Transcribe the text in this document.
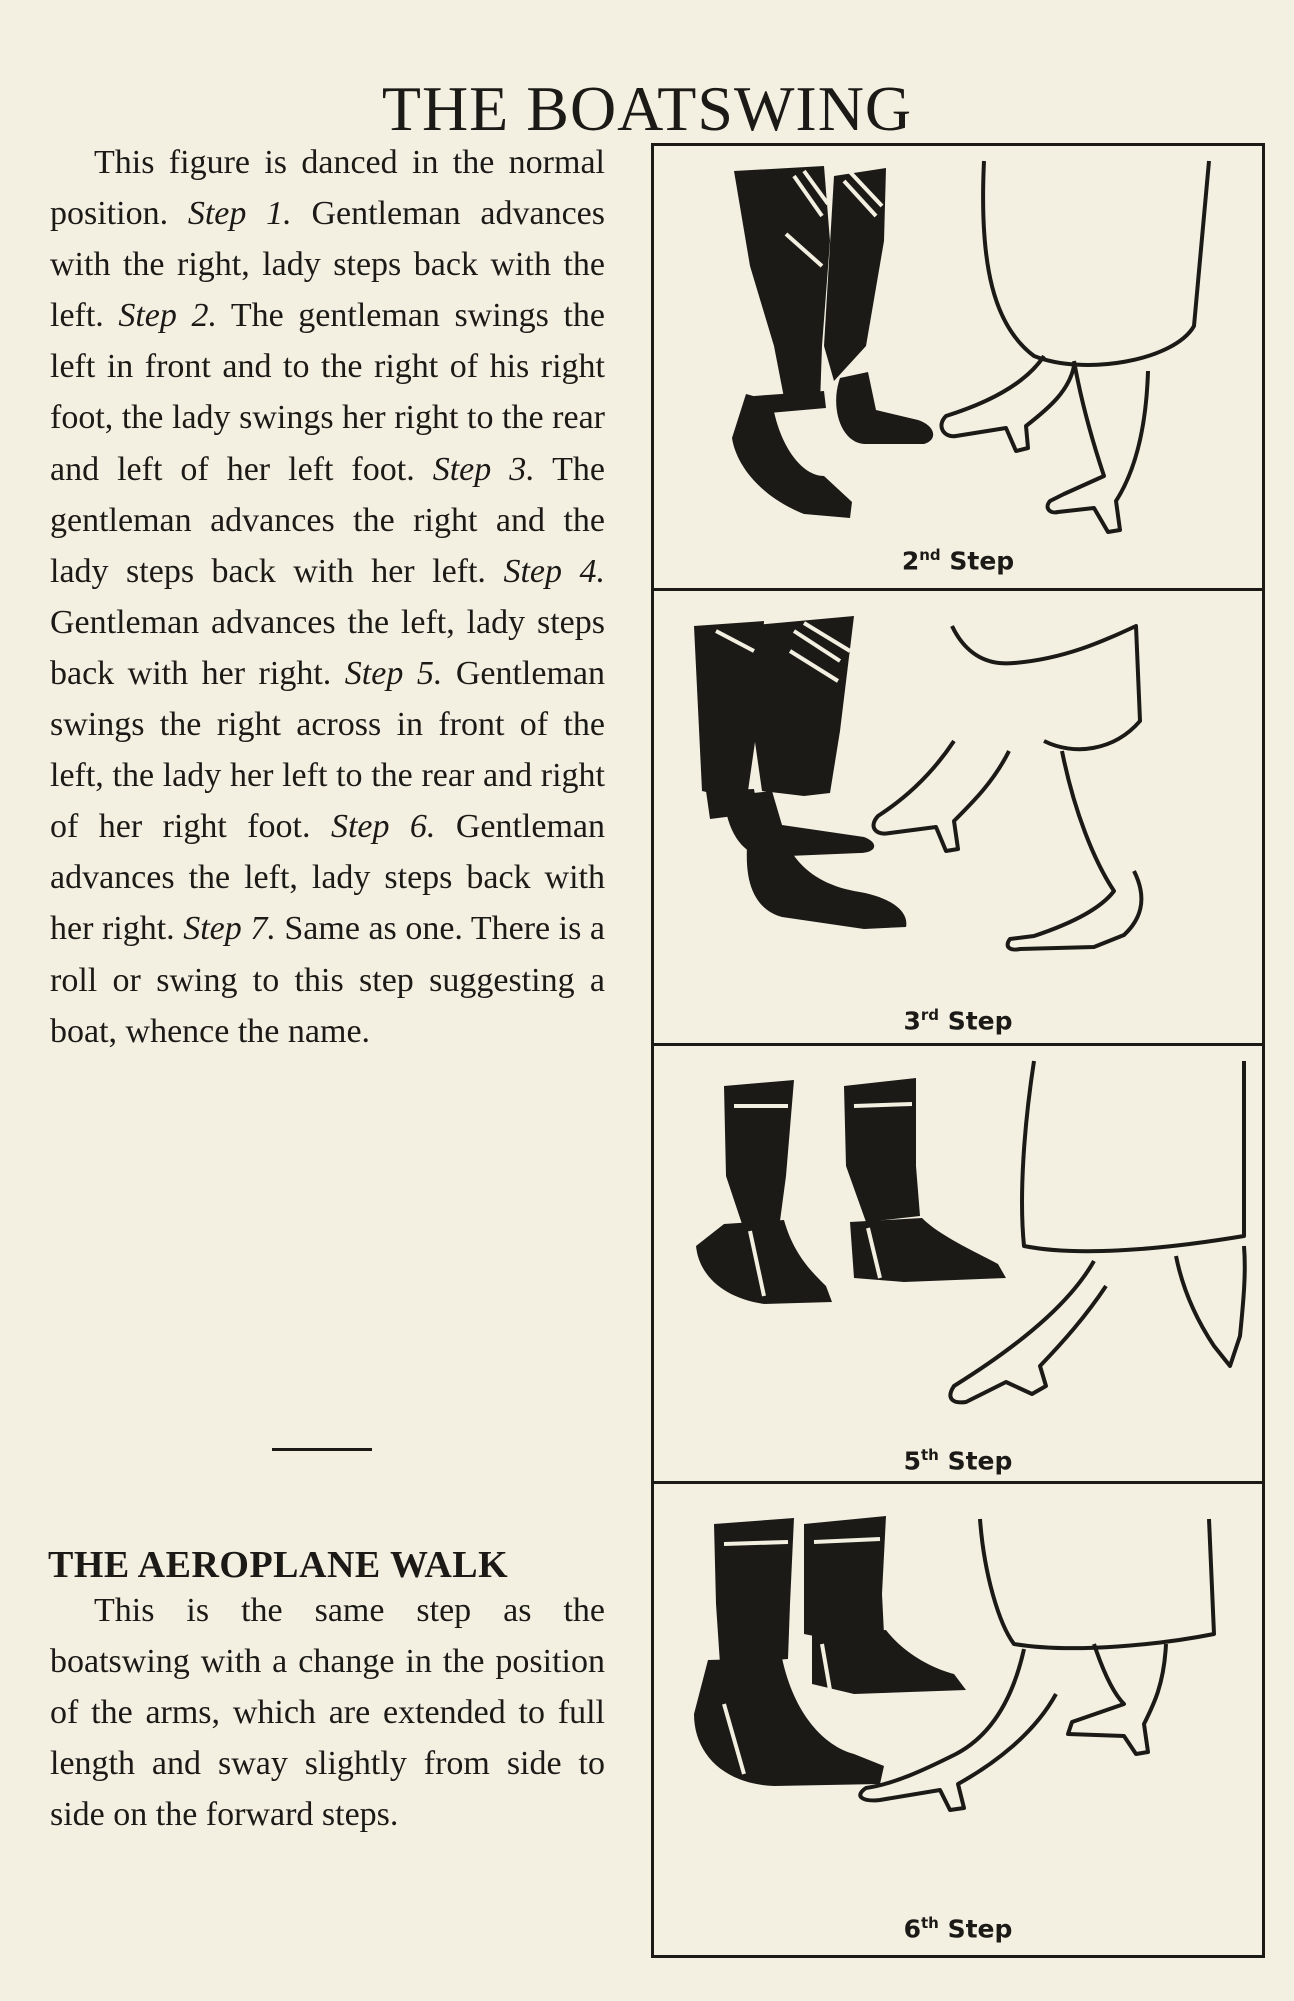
THE BOATSWING

This figure is danced in the normal position. Step 1. Gentleman advances with the right, lady steps back with the left. Step 2. The gentleman swings the left in front and to the right of his right foot, the lady swings her right to the rear and left of her left foot. Step 3. The gentleman advances the right and the lady steps back with her left. Step 4. Gentleman advances the left, lady steps back with her right. Step 5. Gentleman swings the right across in front of the left, the lady her left to the rear and right of her right foot. Step 6. Gentleman advances the left, lady steps back with her right. Step 7. Same as one. There is a roll or swing to this step suggesting a boat, whence the name.

THE AEROPLANE WALK

This is the same step as the boatswing with a change in the position of the arms, which are extended to full length and sway slightly from side to side on the forward steps.

2nd Step
3rd Step
5th Step
6th Step
